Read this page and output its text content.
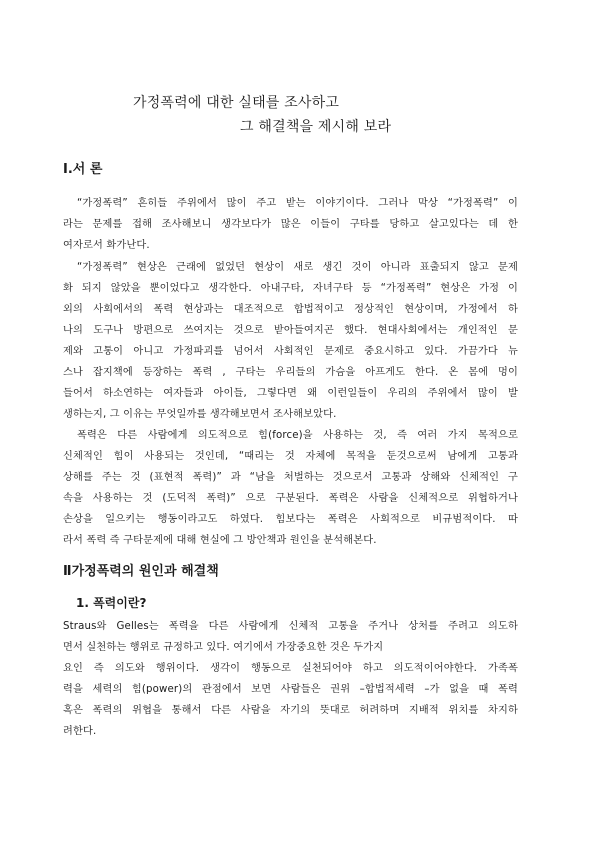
가정폭력에 대한 실태를 조사하고
그 해결책을 제시해 보라
Ⅰ.서 론
“가정폭력” 흔히들 주위에서 많이 주고 받는 이야기이다. 그러나 막상 “가정폭력” 이
라는 문제를 접해 조사해보니 생각보다가 많은 이들이 구타를 당하고 살고있다는 데 한
여자로서 화가난다.
“가정폭력” 현상은 근래에 없었던 현상이 새로 생긴 것이 아니라 표출되지 않고 문제
화 되지 않았을 뿐이었다고 생각한다. 아내구타, 자녀구타 등 “가정폭력” 현상은 가정 이
외의 사회에서의 폭력 현상과는 대조적으로 합법적이고 정상적인 현상이며, 가정에서 하
나의 도구나 방편으로 쓰여지는 것으로 받아들여지곤 했다. 현대사회에서는 개인적인 문
제와 고통이 아니고 가정파괴를 넘어서 사회적인 문제로 중요시하고 있다. 가끔가다 뉴
스나 잡지책에 등장하는 폭력 , 구타는 우리들의 가슴을 아프게도 한다. 온 몸에 멍이
들어서 하소연하는 여자들과 아이들, 그렇다면 왜 이런일들이 우리의 주위에서 많이 발
생하는지, 그 이유는 무엇일까를 생각해보면서 조사해보았다.
폭력은 다른 사람에게 의도적으로 힘(force)을 사용하는 것, 즉 여러 가지 목적으로
신체적인 힘이 사용되는 것인데, “때리는 것 자체에 목적을 둔것으로써 남에게 고통과
상해를 주는 것 (표현적 폭력)” 과 “남을 처벌하는 것으로서 고통과 상해와 신체적인 구
속을 사용하는 것 (도덕적 폭력)” 으로 구분된다. 폭력은 사람을 신체적으로 위협하거나
손상을 일으키는 행동이라고도 하였다. 힘보다는 폭력은 사회적으로 비규범적이다. 따
라서 폭력 즉 구타문제에 대해 현실에 그 방안책과 원인을 분석해본다.
Ⅱ가정폭력의 원인과 해결책
1. 폭력이란?
Straus와 Gelles는 폭력을 다른 사람에게 신체적 고통을 주거나 상처를 주려고 의도하
면서 실천하는 행위로 규정하고 있다. 여기에서 가장중요한 것은 두가지
요인 즉 의도와 행위이다. 생각이 행동으로 실천되어야 하고 의도적이어야한다. 가족폭
력을 세력의 힘(power)의 관점에서 보면 사람들은 권위 –합법적세력 –가 없을 때 폭력
혹은 폭력의 위협을 통해서 다른 사람을 자기의 뜻대로 허려하며 지배적 위치를 차지하
려한다.
